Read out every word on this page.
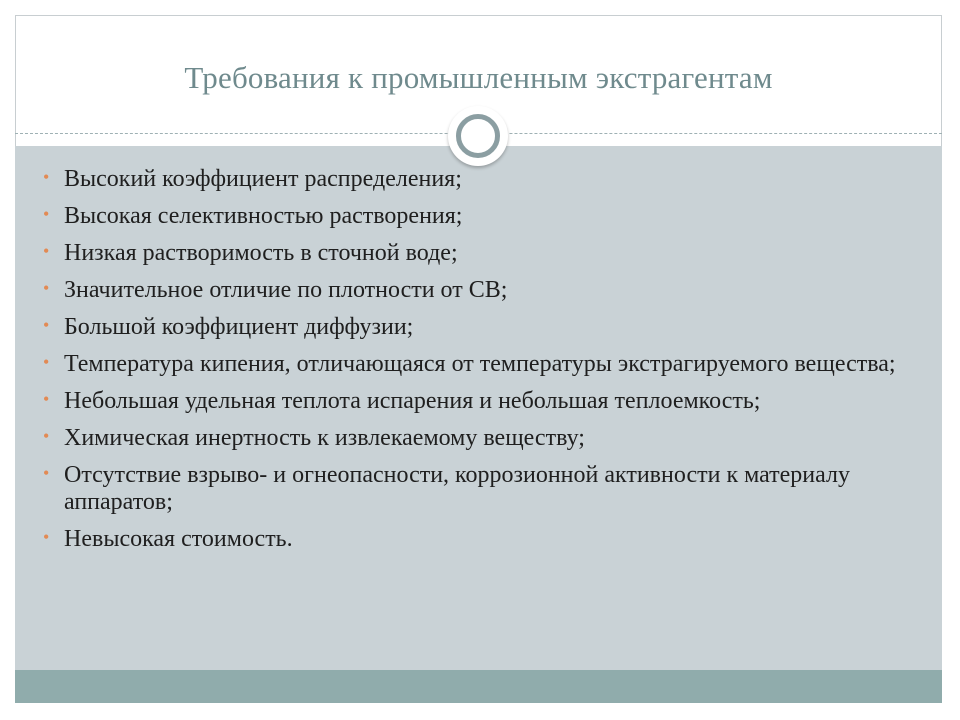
Требования к промышленным экстрагентам
• Высокий коэффициент распределения;
• Высокая селективностью растворения;
• Низкая растворимость в сточной воде;
• Значительное отличие по плотности от СВ;
• Большой коэффициент диффузии;
• Температура кипения, отличающаяся от температуры экстрагируемого вещества;
• Небольшая удельная теплота испарения и небольшая теплоемкость;
• Химическая инертность к извлекаемому веществу;
• Отсутствие взрыво- и огнеопасности, коррозионной активности к материалу аппаратов;
• Невысокая стоимость.
